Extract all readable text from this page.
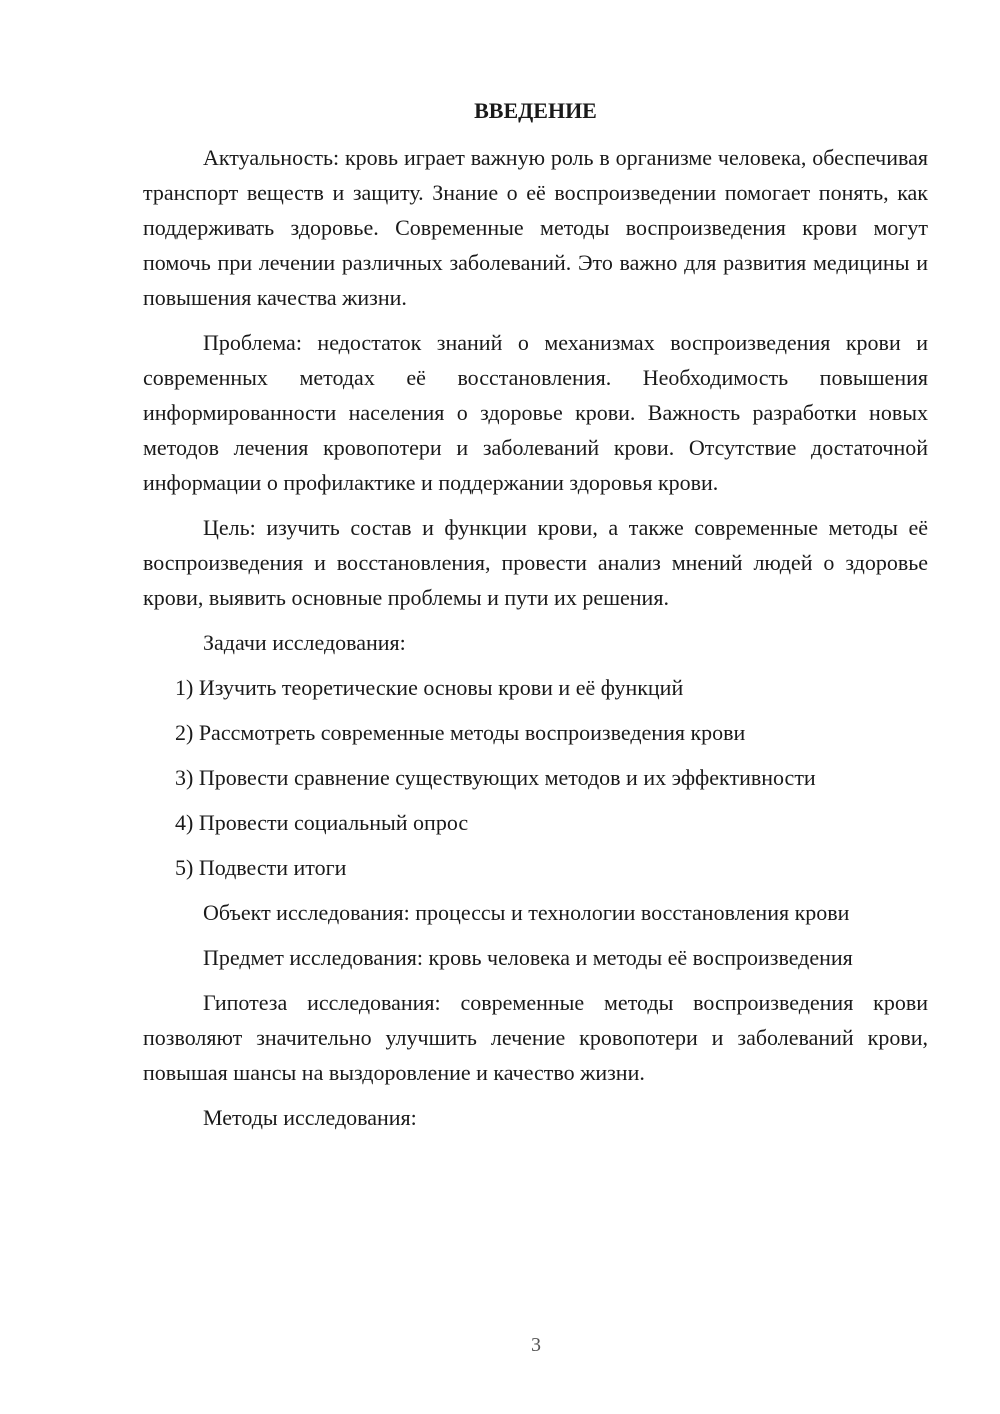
ВВЕДЕНИЕ

Актуальность: кровь играет важную роль в организме человека, обеспечивая транспорт веществ и защиту. Знание о её воспроизведении помогает понять, как поддерживать здоровье. Современные методы воспроизведения крови могут помочь при лечении различных заболеваний. Это важно для развития медицины и повышения качества жизни.

Проблема: недостаток знаний о механизмах воспроизведения крови и современных методах её восстановления. Необходимость повышения информированности населения о здоровье крови. Важность разработки новых методов лечения кровопотери и заболеваний крови. Отсутствие достаточной информации о профилактике и поддержании здоровья крови.

Цель: изучить состав и функции крови, а также современные методы её воспроизведения и восстановления, провести анализ мнений людей о здоровье крови, выявить основные проблемы и пути их решения.

Задачи исследования:

1) Изучить теоретические основы крови и её функций
2) Рассмотреть современные методы воспроизведения крови
3) Провести сравнение существующих методов и их эффективности
4) Провести социальный опрос
5) Подвести итоги

Объект исследования: процессы и технологии восстановления крови

Предмет исследования: кровь человека и методы её воспроизведения

Гипотеза исследования: современные методы воспроизведения крови позволяют значительно улучшить лечение кровопотери и заболеваний крови, повышая шансы на выздоровление и качество жизни.

Методы исследования:

3
